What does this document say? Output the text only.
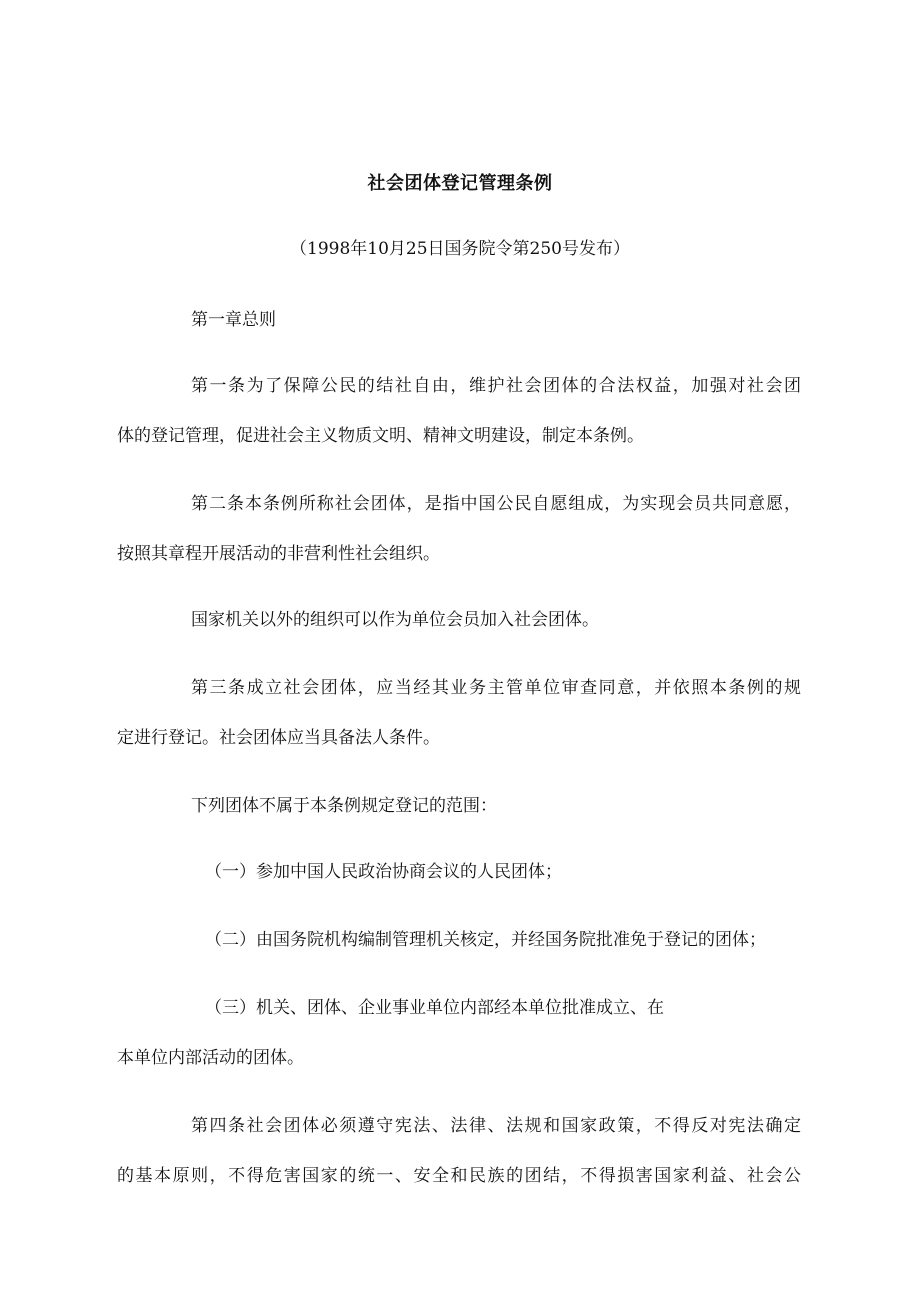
社会团体登记管理条例
（1998年10月25日国务院令第250号发布）
第一章总则
第一条为了保障公民的结社自由，维护社会团体的合法权益，加强对社会团
体的登记管理，促进社会主义物质文明、精神文明建设，制定本条例。
第二条本条例所称社会团体，是指中国公民自愿组成，为实现会员共同意愿，
按照其章程开展活动的非营利性社会组织。
国家机关以外的组织可以作为单位会员加入社会团体。
第三条成立社会团体，应当经其业务主管单位审查同意，并依照本条例的规
定进行登记。社会团体应当具备法人条件。
下列团体不属于本条例规定登记的范围：
（一）参加中国人民政治协商会议的人民团体；
（二）由国务院机构编制管理机关核定，并经国务院批准免于登记的团体；
（三）机关、团体、企业事业单位内部经本单位批准成立、在
本单位内部活动的团体。
第四条社会团体必须遵守宪法、法律、法规和国家政策，不得反对宪法确定
的基本原则，不得危害国家的统一、安全和民族的团结，不得损害国家利益、社会公
